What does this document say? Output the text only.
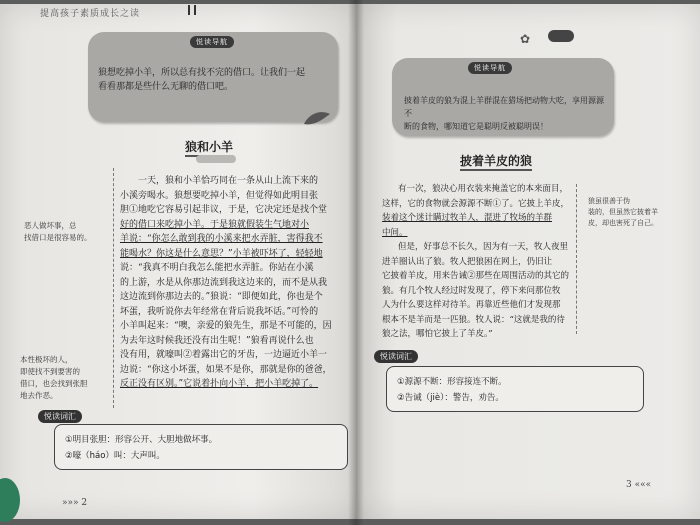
提高孩子素质成长之读
悦读导航
狼想吃掉小羊，所以总有找不完的借口。让我们一起
看看那都是些什么无聊的借口吧。
狼和小羊
恶人做坏事，总
找借口是很容易的。
本性极坏的人，
即使找不到要害的
借口，也会找到张胆
地去作恶。
一天，狼和小羊恰巧同在一条从山上流下来的
小溪旁喝水。狼想要吃掉小羊，但觉得如此明目张
胆①地吃它容易引起非议，于是，它决定还是找个堂
好的借口来吃掉小羊。于是狼就假装生气地对小
羊说：“你怎么敢到我的小溪来把水弄脏，害得我不
能喝水？你这是什么意思？”小羊被吓坏了，轻轻地
说：“我真不明白我怎么能把水弄脏。你站在小溪
的上游，水是从你那边流到我这边来的，而不是从我
这边流到你那边去的。”狼说：“即便如此，你也是个
坏蛋，我听说你去年经常在背后说我坏话。”可怜的
小羊叫起来：“噢，亲爱的狼先生，那是不可能的，因
为去年这时候我还没有出生呢！”狼看再说什么也
没有用，就嚎叫②着露出它的牙齿，一边逼近小羊一
边说：“你这小坏蛋，如果不是你，那就是你的爸爸，
反正没有区别。”它说着扑向小羊，把小羊吃掉了。
悦读词汇
①明目张胆：形容公开、大胆地做坏事。
②嚎（háo）叫：大声叫。
»»» 2
✿
悦读导航
披着羊皮的狼为混上羊群混在猎场把动物大吃，享用源源不
断的食物，哪知道它是聪明反被聪明误！
披着羊皮的狼
有一次，狼决心用衣装来掩盖它的本来面目，
这样，它的食物就会源源不断①了。它披上羊皮，
装着这个迷计瞒过牧羊人，混进了牧场的羊群
中间。
但是，好事总不长久，因为有一天，牧人夜里
进羊圈认出了狼。牧人把狼困在网上，仍旧让
它披着羊皮，用来告诫②那些在周围活动的其它的
狼。有几个牧人经过时发现了，停下来问那位牧
人为什么要这样对待羊。再靠近些他们才发现那
根本不是羊而是一匹狼。牧人说：“这就是我的待
狼之法，哪怕它披上了羊皮。”
狼虽很善于伪
装的，但虽然它披着羊
皮，却也害死了自己。
悦读词汇
①源源不断：形容接连不断。
②告诫（jiè）：警告，劝告。
3 «««
